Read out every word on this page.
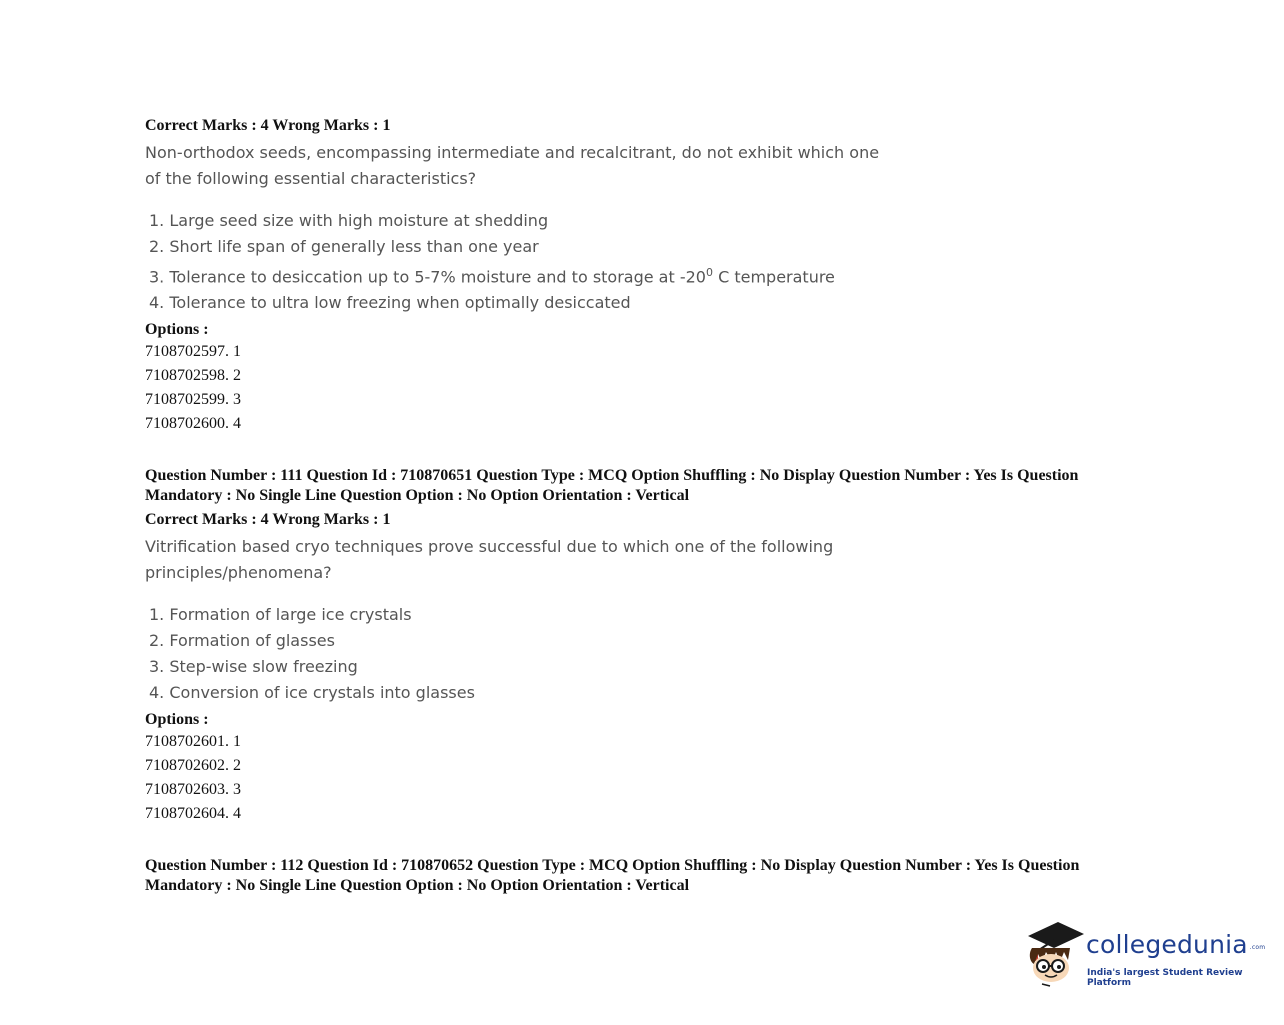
Correct Marks : 4 Wrong Marks : 1
Non-orthodox seeds, encompassing intermediate and recalcitrant, do not exhibit which one of the following essential characteristics?
1. Large seed size with high moisture at shedding
2. Short life span of generally less than one year
3. Tolerance to desiccation up to 5-7% moisture and to storage at $-20^0$ C temperature
4. Tolerance to ultra low freezing when optimally desiccated
Options :
7108702597. 1
7108702598. 2
7108702599. 3
7108702600. 4
Question Number : 111 Question Id : 710870651 Question Type : MCQ Option Shuffling : No Display Question Number : Yes Is Question Mandatory : No Single Line Question Option : No Option Orientation : Vertical
Correct Marks : 4 Wrong Marks : 1
Vitrification based cryo techniques prove successful due to which one of the following principles/phenomena?
1. Formation of large ice crystals
2. Formation of glasses
3. Step-wise slow freezing
4. Conversion of ice crystals into glasses
Options :
7108702601. 1
7108702602. 2
7108702603. 3
7108702604. 4
Question Number : 112 Question Id : 710870652 Question Type : MCQ Option Shuffling : No Display Question Number : Yes Is Question Mandatory : No Single Line Question Option : No Option Orientation : Vertical
collegedunia .com
India's largest Student Review Platform
